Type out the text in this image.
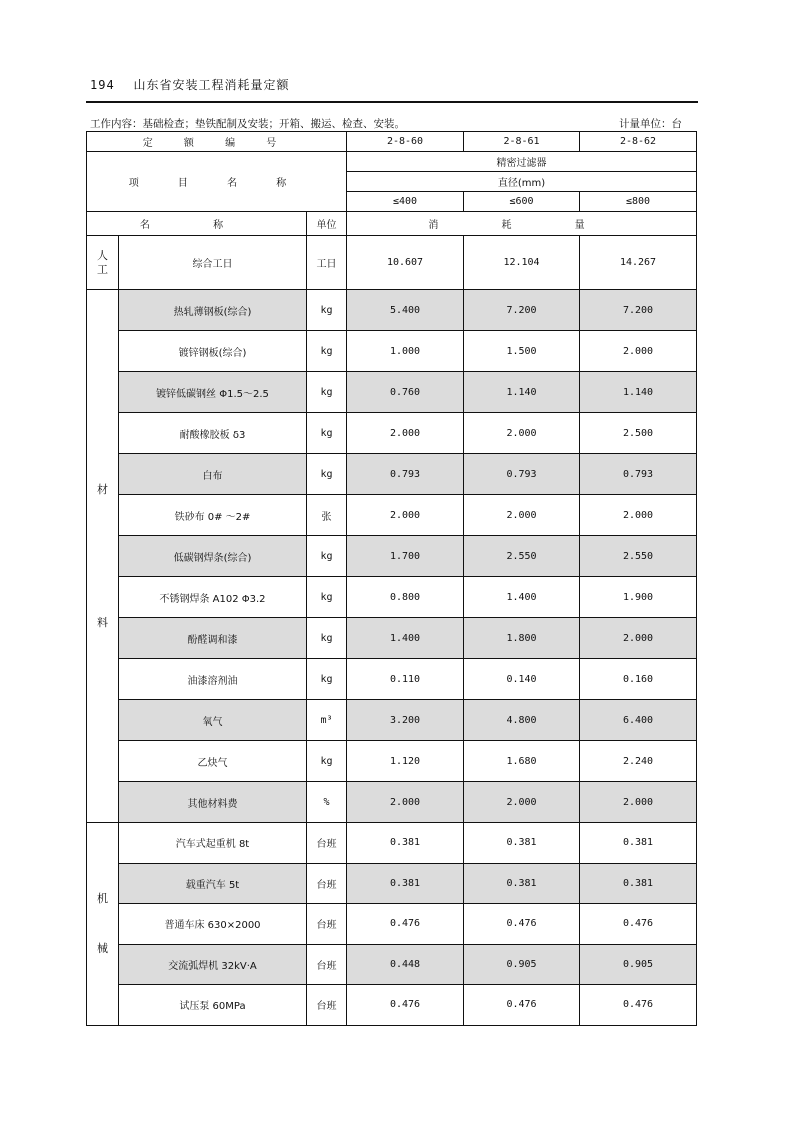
194 山东省安装工程消耗量定额
工作内容：基础检查；垫铁配制及安装；开箱、搬运、检查、安装。	计量单位：台
定 额 编 号			2-8-60	2-8-61	2-8-62
项 目 名 称			精密过滤器		
			直径(mm)		
			≤400	≤600	≤800
名 称		单位	消 耗 量		
人
工	综合工日	工日	10.607	12.104	14.267

材
料	热轧薄钢板(综合)	kg	5.400	7.200	7.200
	镀锌钢板(综合)	kg	1.000	1.500	2.000
	镀锌低碳钢丝 Φ1.5～2.5	kg	0.760	1.140	1.140
	耐酸橡胶板 δ3	kg	2.000	2.000	2.500
	白布	kg	0.793	0.793	0.793
	铁砂布 0# ～2#	张	2.000	2.000	2.000
	低碳钢焊条(综合)	kg	1.700	2.550	2.550
	不锈钢焊条 A102 Φ3.2	kg	0.800	1.400	1.900
	酚醛调和漆	kg	1.400	1.800	2.000
	油漆溶剂油	kg	0.110	0.140	0.160
	氧气	m³	3.200	4.800	6.400
	乙炔气	kg	1.120	1.680	2.240
	其他材料费	%	2.000	2.000	2.000

机
械	汽车式起重机 8t	台班	0.381	0.381	0.381
	载重汽车 5t	台班	0.381	0.381	0.381
	普通车床 630×2000	台班	0.476	0.476	0.476
	交流弧焊机 32kV·A	台班	0.448	0.905	0.905
	试压泵 60MPa	台班	0.476	0.476	0.476
